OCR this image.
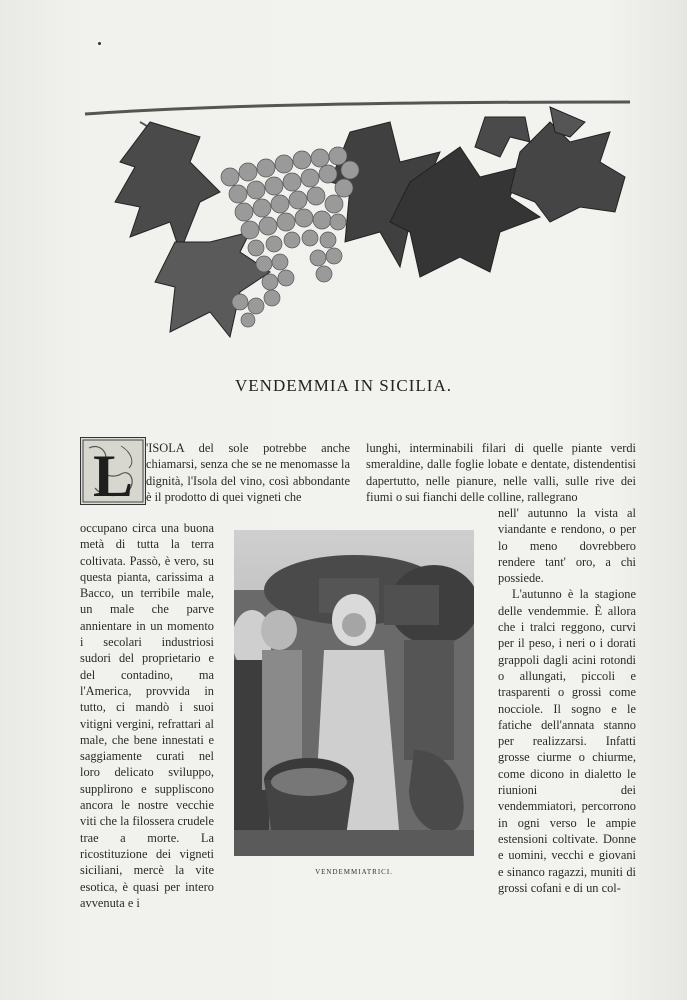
VENDEMMIA IN SICILIA.
L 'ISOLA del sole potrebbe anche chiamarsi, senza che se ne menomasse la dignità, l'Isola del vino, così abbondante è il prodotto di quei vigneti che

occupano circa una buona metà di tutta la terra coltivata. Passò, è vero, su questa pianta, carissima a Bacco, un terribile male, un male che parve annientare in un momento i secolari industriosi sudori del proprietario e del contadino, ma l'America, provvida in tutto, ci mandò i suoi vitigni vergini, refrattari al male, che bene innestati e saggiamente curati nel loro delicato sviluppo, supplirono e suppliscono ancora le nostre vecchie viti che la filossera crudele trae a morte. La ricostituzione dei vigneti siciliani, mercè la vite esotica, è quasi per intero avvenuta e i

lunghi, interminabili filari di quelle piante verdi smeraldine, dalle foglie lobate e dentate, distendentisi dapertutto, nelle pianure, nelle valli, sulle rive dei fiumi o sui fianchi delle colline, rallegrano

nell' autunno la vista al viandante e rendono, o per lo meno dovrebbero rendere tant' oro, a chi possiede.

L'autunno è la stagione delle vendemmie. È allora che i tralci reggono, curvi per il peso, i neri o i dorati grappoli dagli acini rotondi o allungati, piccoli e trasparenti o grossi come nocciole. Il sogno e le fatiche dell'annata stanno per realizzarsi. Infatti grosse ciurme o chiurme, come dicono in dialetto le riunioni dei vendemmiatori, percorrono in ogni verso le ampie estensioni coltivate. Donne e uomini, vecchi e giovani e sinanco ragazzi, muniti di grossi cofani e di un col-

VENDEMMIATRICI.
